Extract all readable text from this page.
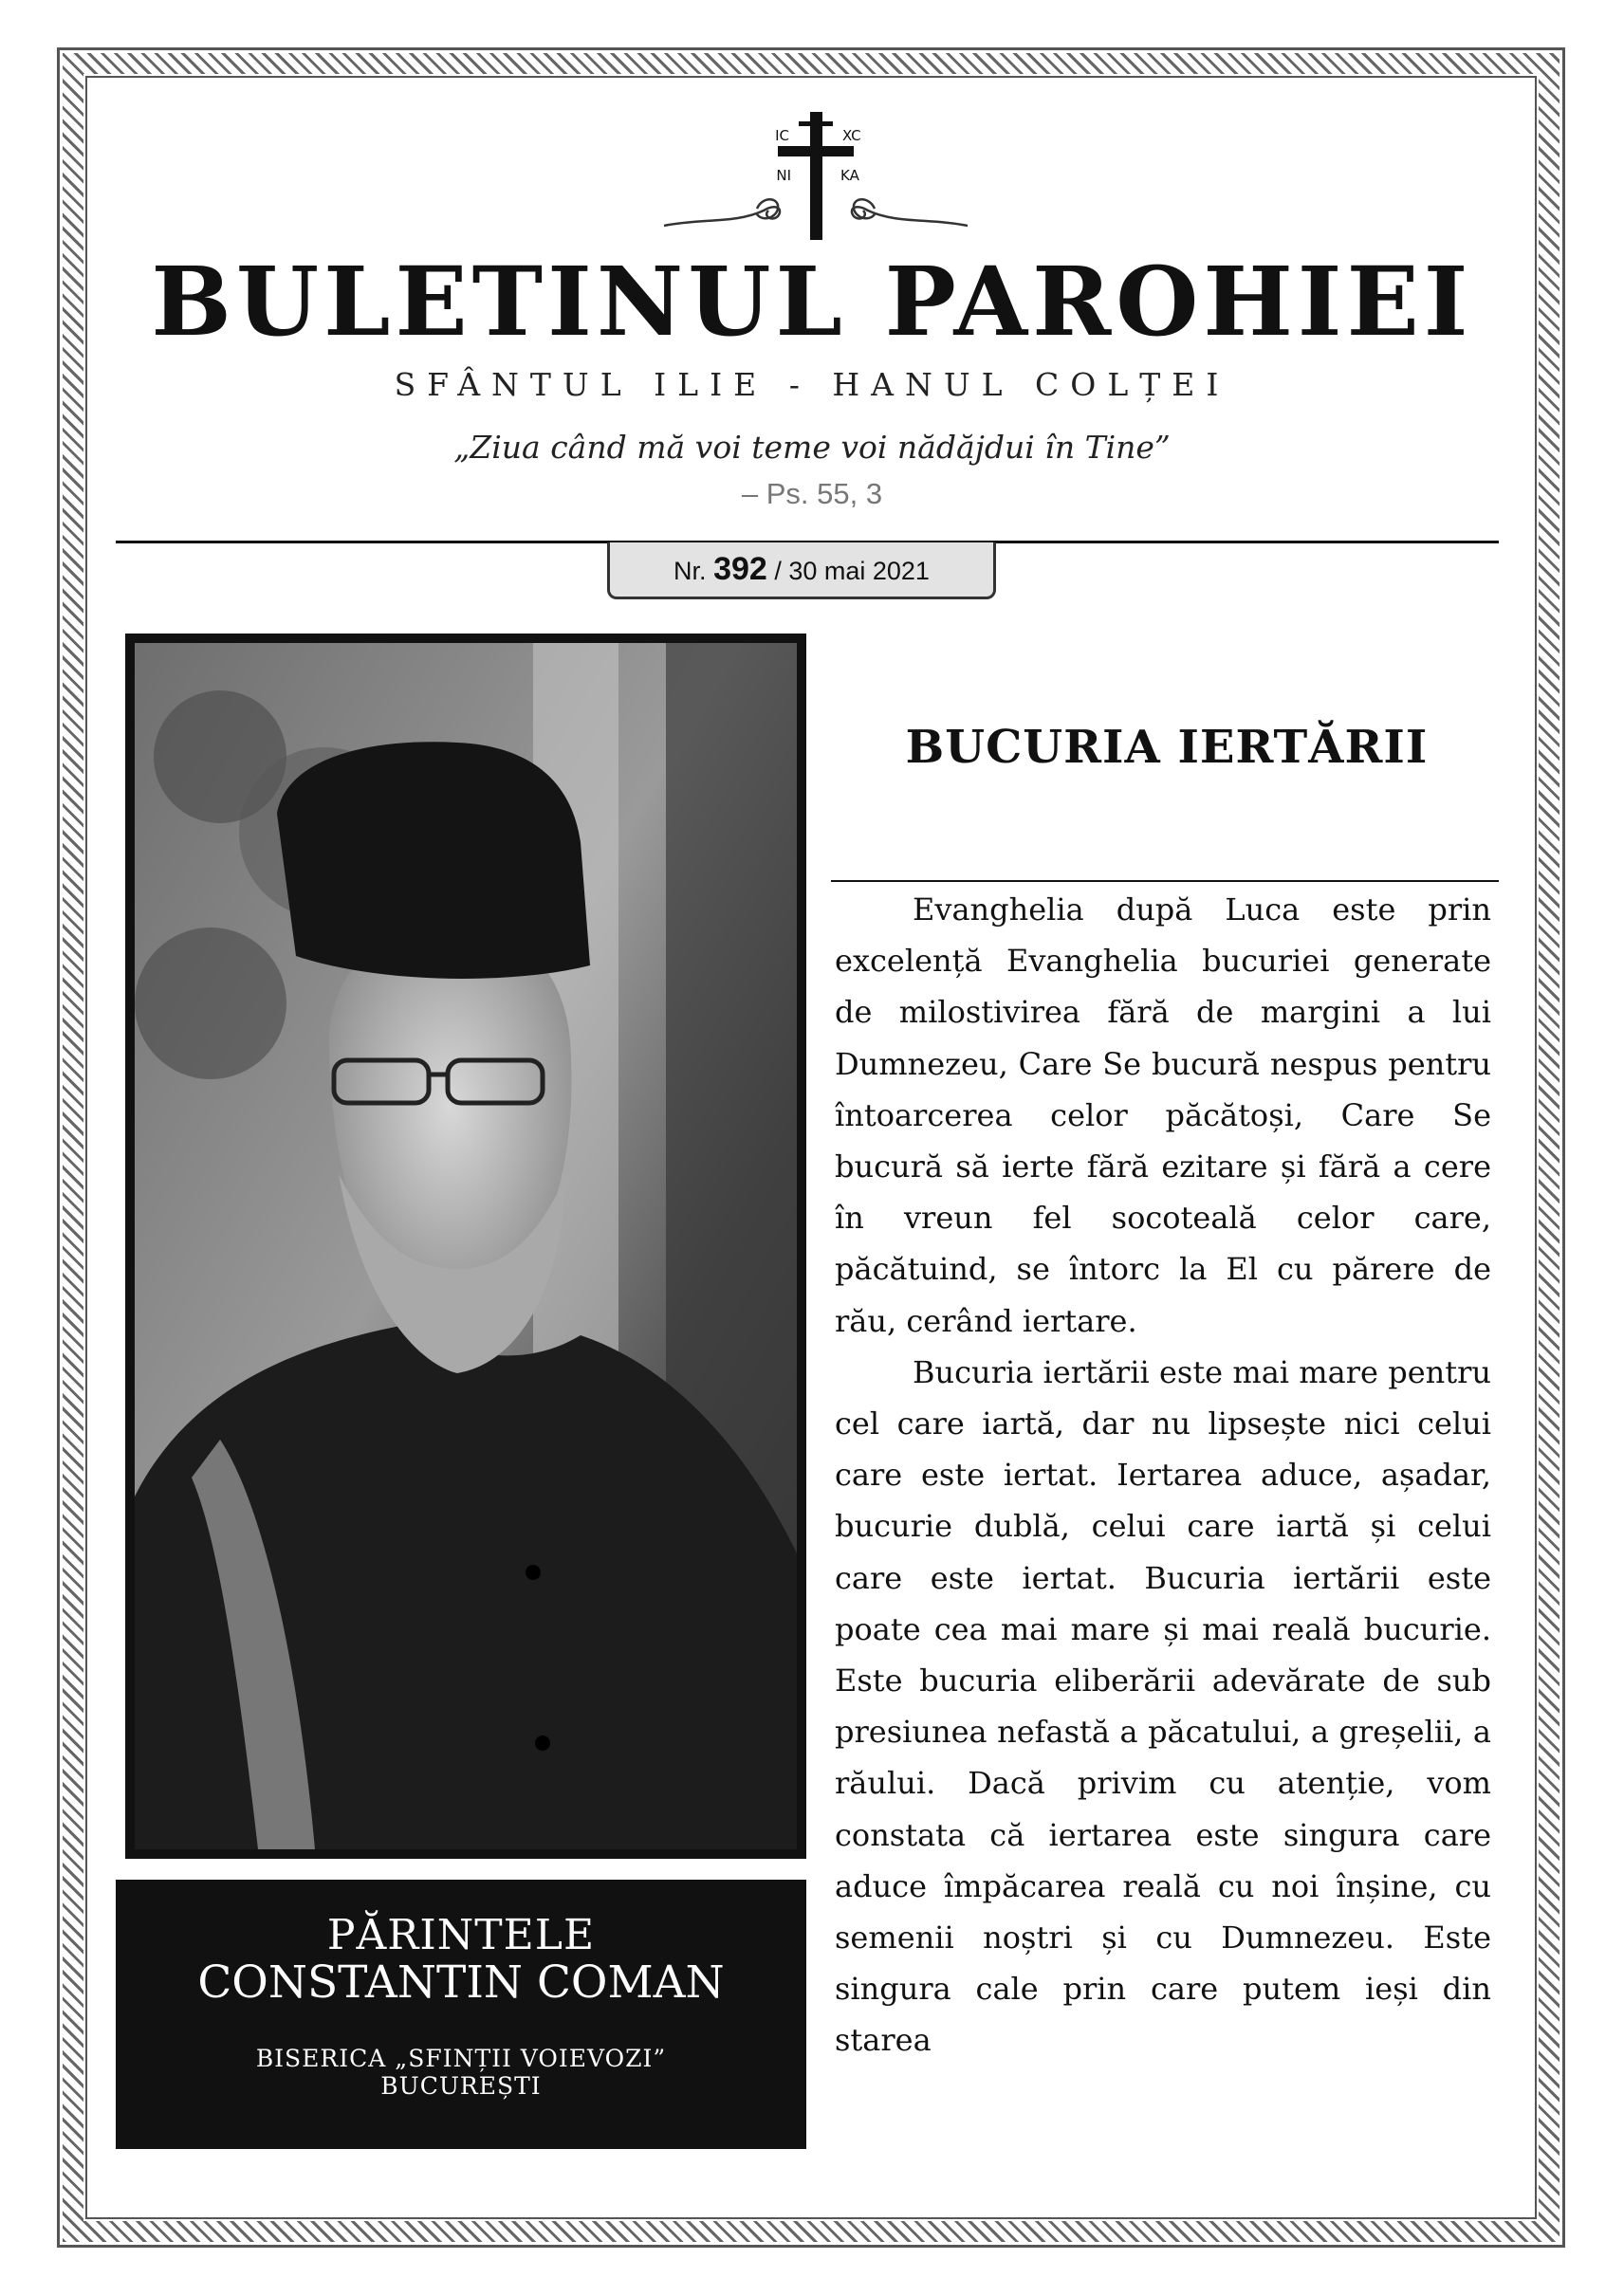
IC	XC
NI	KA
BULETINUL PAROHIEI
SFÂNTUL ILIE - HANUL COLȚEI
„Ziua când mă voi teme voi nădăjdui în Tine”
– Ps. 55, 3
Nr. 392 / 30 mai 2021
PĂRINTELE
CONSTANTIN COMAN
BISERICA „SFINȚII VOIEVOZI”
BUCUREȘTI
BUCURIA IERTĂRII

Evanghelia după Luca este prin excelență Evanghelia bucuriei generate de milostivirea fără de margini a lui Dumnezeu, Care Se bucură nespus pentru întoarcerea celor păcătoși, Care Se bucură să ierte fără ezitare și fără a cere în vreun fel socoteală celor care, păcătuind, se întorc la El cu părere de rău, cerând iertare.

Bucuria iertării este mai mare pentru cel care iartă, dar nu lipsește nici celui care este iertat. Iertarea aduce, așadar, bucurie dublă, celui care iartă și celui care este iertat. Bucuria iertării este poate cea mai mare și mai reală bucurie. Este bucuria eliberării adevărate de sub presiunea nefastă a păcatului, a greșelii, a răului. Dacă privim cu atenție, vom constata că iertarea este singura care aduce împăcarea reală cu noi înșine, cu semenii noștri și cu Dumnezeu. Este singura cale prin care putem ieși din starea
